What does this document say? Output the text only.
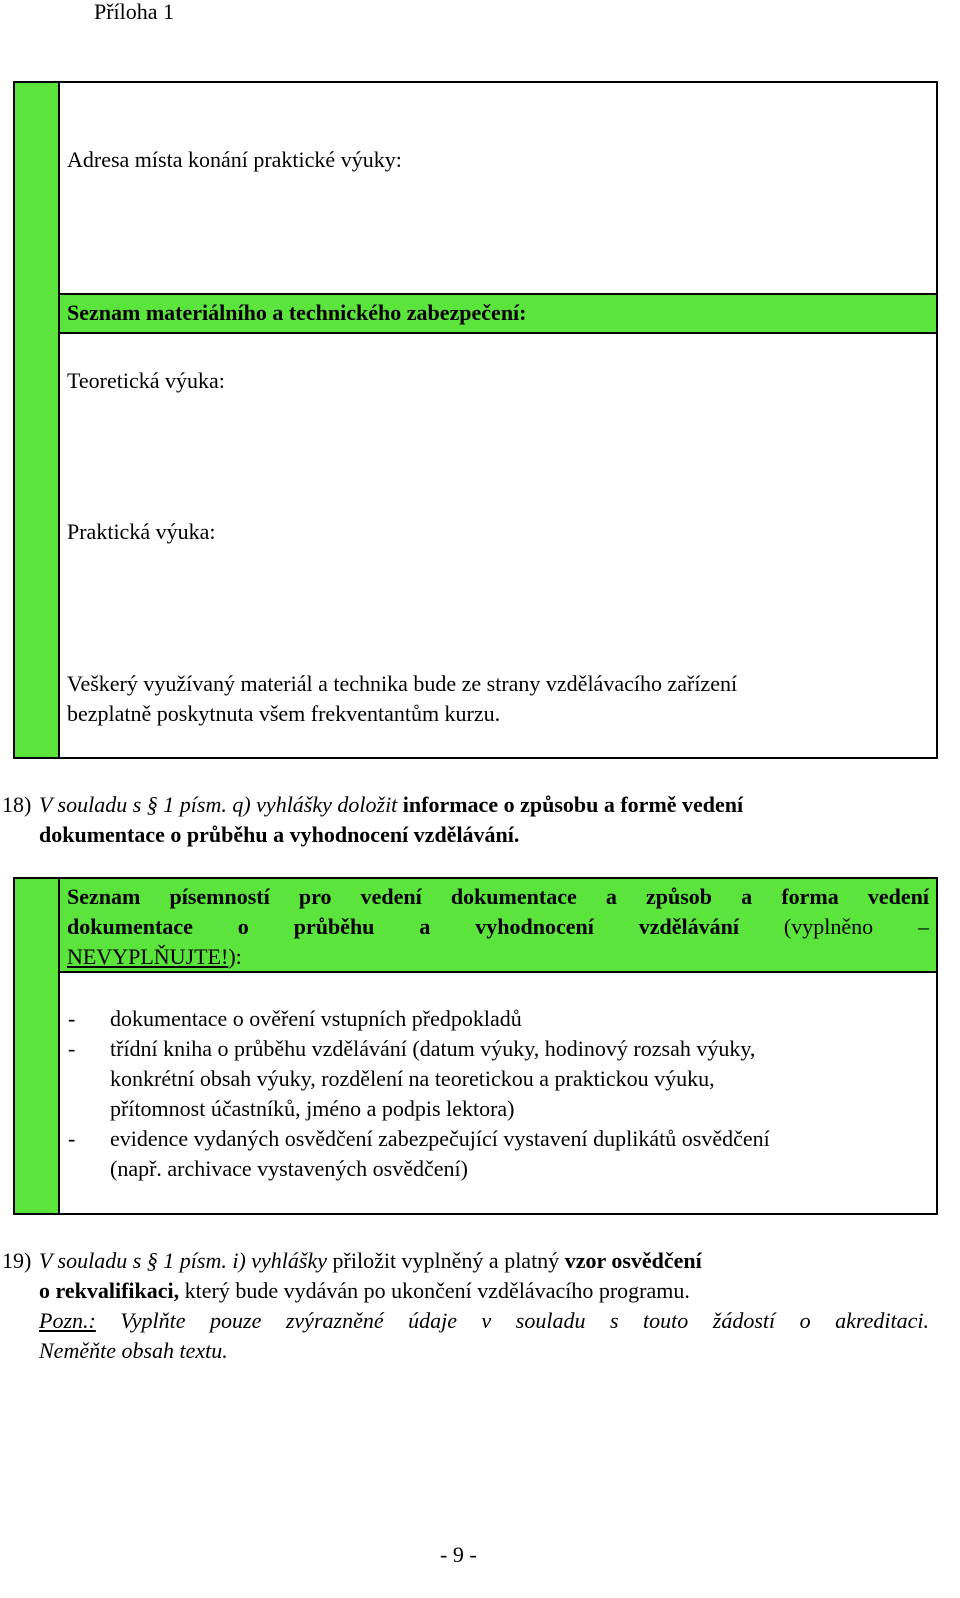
Příloha 1
Adresa místa konání praktické výuky:
Seznam materiálního a technického zabezpečení:
Teoretická výuka:
Praktická výuka:
Veškerý využívaný materiál a technika bude ze strany vzdělávacího zařízení
bezplatně poskytnuta všem frekventantům kurzu.
18) V souladu s § 1 písm. q) vyhlášky doložit informace o způsobu a formě vedení
dokumentace o průběhu a vyhodnocení vzdělávání.
Seznam písemností pro vedení dokumentace a způsob a forma vedení
dokumentace o průběhu a vyhodnocení vzdělávání (vyplněno –
NEVYPLŇUJTE!):
-	dokumentace o ověření vstupních předpokladů
-	třídní kniha o průběhu vzdělávání (datum výuky, hodinový rozsah výuky,
konkrétní obsah výuky, rozdělení na teoretickou a praktickou výuku,
přítomnost účastníků, jméno a podpis lektora)
-	evidence vydaných osvědčení zabezpečující vystavení duplikátů osvědčení
(např. archivace vystavených osvědčení)
19) V souladu s § 1 písm. i) vyhlášky přiložit vyplněný a platný vzor osvědčení
o rekvalifikaci, který bude vydáván po ukončení vzdělávacího programu.
Pozn.: Vyplňte pouze zvýrazněné údaje v souladu s touto žádostí o akreditaci.
Neměňte obsah textu.
- 9 -
